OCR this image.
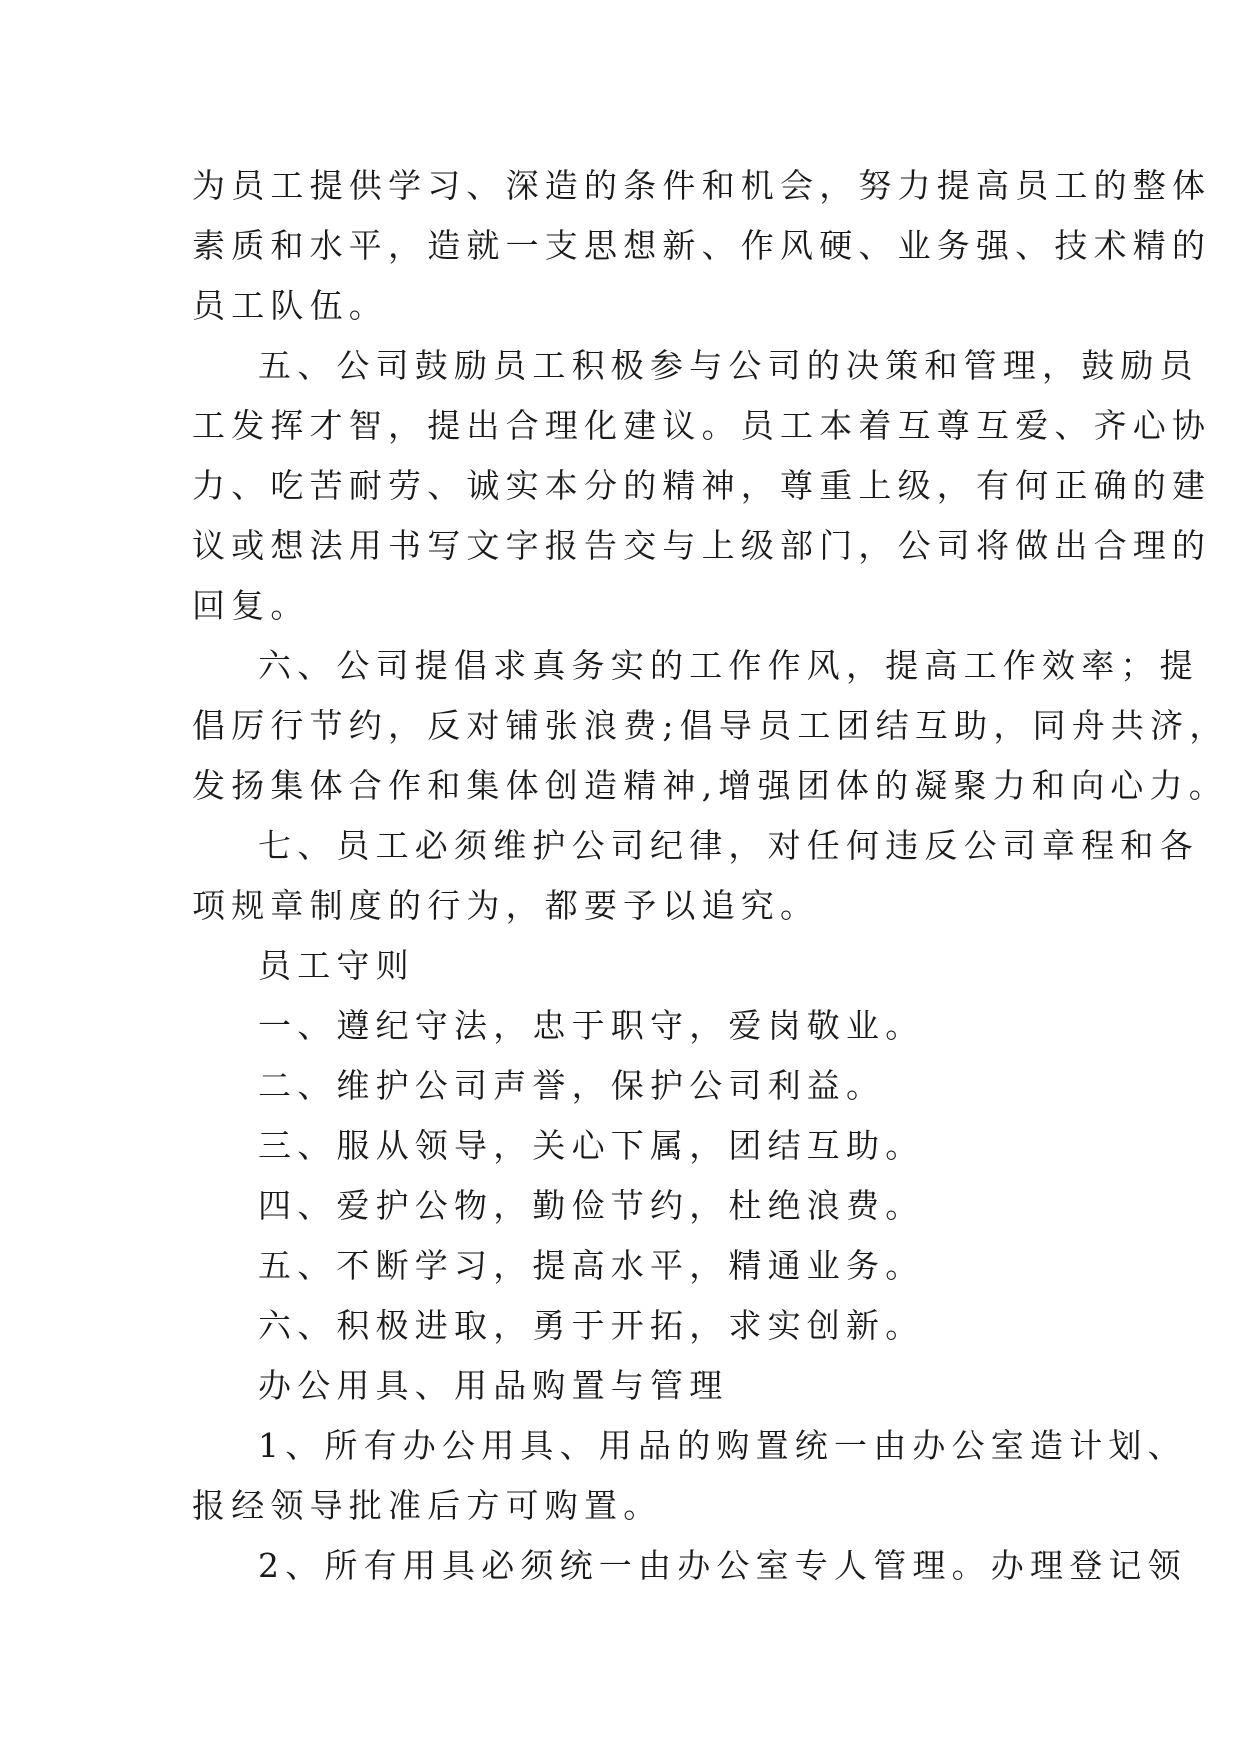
为员工提供学习、深造的条件和机会，努力提高员工的整体
素质和水平，造就一支思想新、作风硬、业务强、技术精的
员工队伍。
五、公司鼓励员工积极参与公司的决策和管理，鼓励员
工发挥才智，提出合理化建议。员工本着互尊互爱、齐心协
力、吃苦耐劳、诚实本分的精神，尊重上级，有何正确的建
议或想法用书写文字报告交与上级部门，公司将做出合理的
回复。
六、公司提倡求真务实的工作作风，提高工作效率；提
倡厉行节约，反对铺张浪费;倡导员工团结互助，同舟共济，
发扬集体合作和集体创造精神,增强团体的凝聚力和向心力。
七、员工必须维护公司纪律，对任何违反公司章程和各
项规章制度的行为，都要予以追究。
员工守则
一、遵纪守法，忠于职守，爱岗敬业。
二、维护公司声誉，保护公司利益。
三、服从领导，关心下属，团结互助。
四、爱护公物，勤俭节约，杜绝浪费。
五、不断学习，提高水平，精通业务。
六、积极进取，勇于开拓，求实创新。
办公用具、用品购置与管理
1、所有办公用具、用品的购置统一由办公室造计划、
报经领导批准后方可购置。
2、所有用具必须统一由办公室专人管理。办理登记领
